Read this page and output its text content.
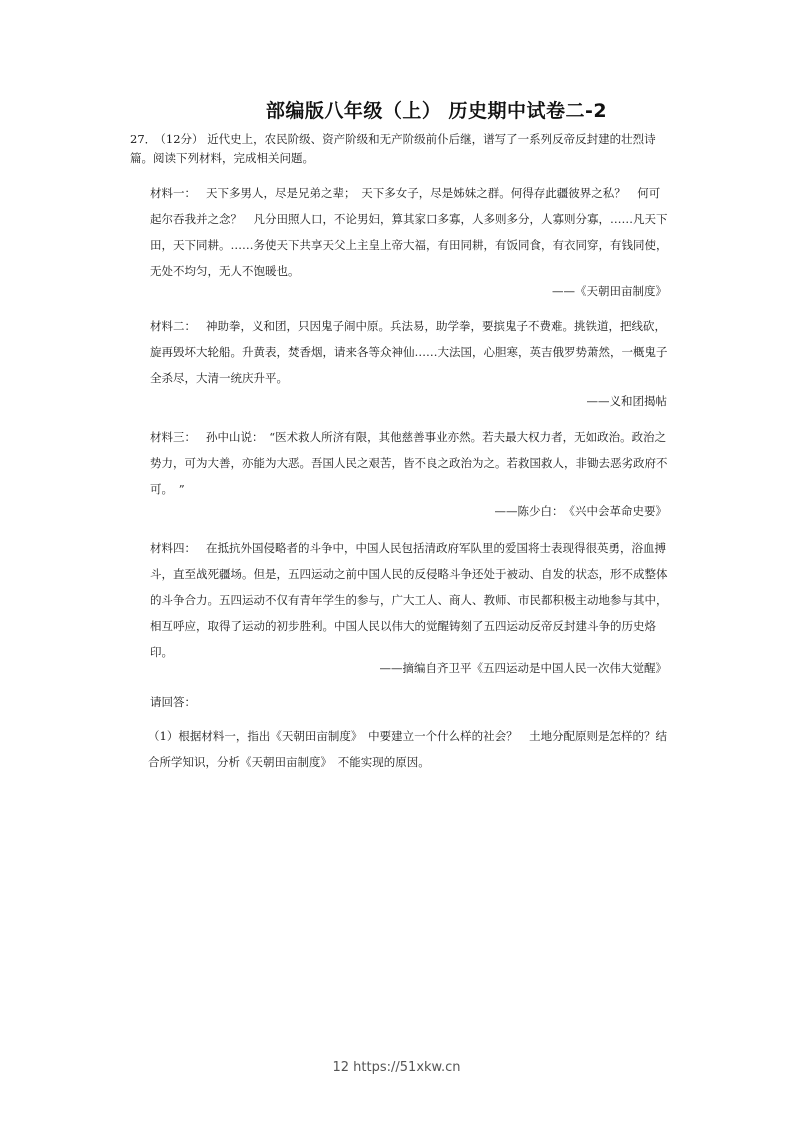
部编版八年级（上） 历史期中试卷二-2
27． （12分） 近代史上，农民阶级、资产阶级和无产阶级前仆后继，谱写了一系列反帝反封建的壮烈诗篇。阅读下列材料，完成相关问题。
材料一： 天下多男人，尽是兄弟之辈；　天下多女子，尽是姊妹之群。何得存此疆彼界之私？　何可起尔吞我并之念？　凡分田照人口，不论男妇，算其家口多寡，人多则多分，人寡则分寡，……凡天下田，天下同耕。……务使天下共享天父上主皇上帝大福，有田同耕，有饭同食，有衣同穿，有钱同使，无处不均匀，无人不饱暖也。
——《天朝田亩制度》
材料二： 神助拳，义和团，只因鬼子闹中原。兵法易，助学拳，要摈鬼子不费难。挑铁道，把线砍，旋再毁坏大轮船。升黄表，焚香烟，请来各等众神仙……大法国，心胆寒，英吉俄罗势萧然，一概鬼子全杀尽，大清一统庆升平。
——义和团揭帖
材料三： 孙中山说：　“医术救人所济有限，其他慈善事业亦然。若夫最大权力者，无如政治。政治之势力，可为大善，亦能为大恶。吾国人民之艰苦，皆不良之政治为之。若救国救人，非锄去恶劣政府不可。　”
——陈少白：　《兴中会革命史要》
材料四： 在抵抗外国侵略者的斗争中，中国人民包括清政府军队里的爱国将士表现得很英勇，浴血搏斗，直至战死疆场。但是，五四运动之前中国人民的反侵略斗争还处于被动、自发的状态，形不成整体的斗争合力。五四运动不仅有青年学生的参与，广大工人、商人、教师、市民都积极主动地参与其中，相互呼应，取得了运动的初步胜利。中国人民以伟大的觉醒铸刻了五四运动反帝反封建斗争的历史烙印。
——摘编自齐卫平《五四运动是中国人民一次伟大觉醒》
请回答：
（1）根据材料一，指出《天朝田亩制度》　中要建立一个什么样的社会？　土地分配原则是怎样的？结合所学知识，分析《天朝田亩制度》　不能实现的原因。
12 https://51xkw.cn
